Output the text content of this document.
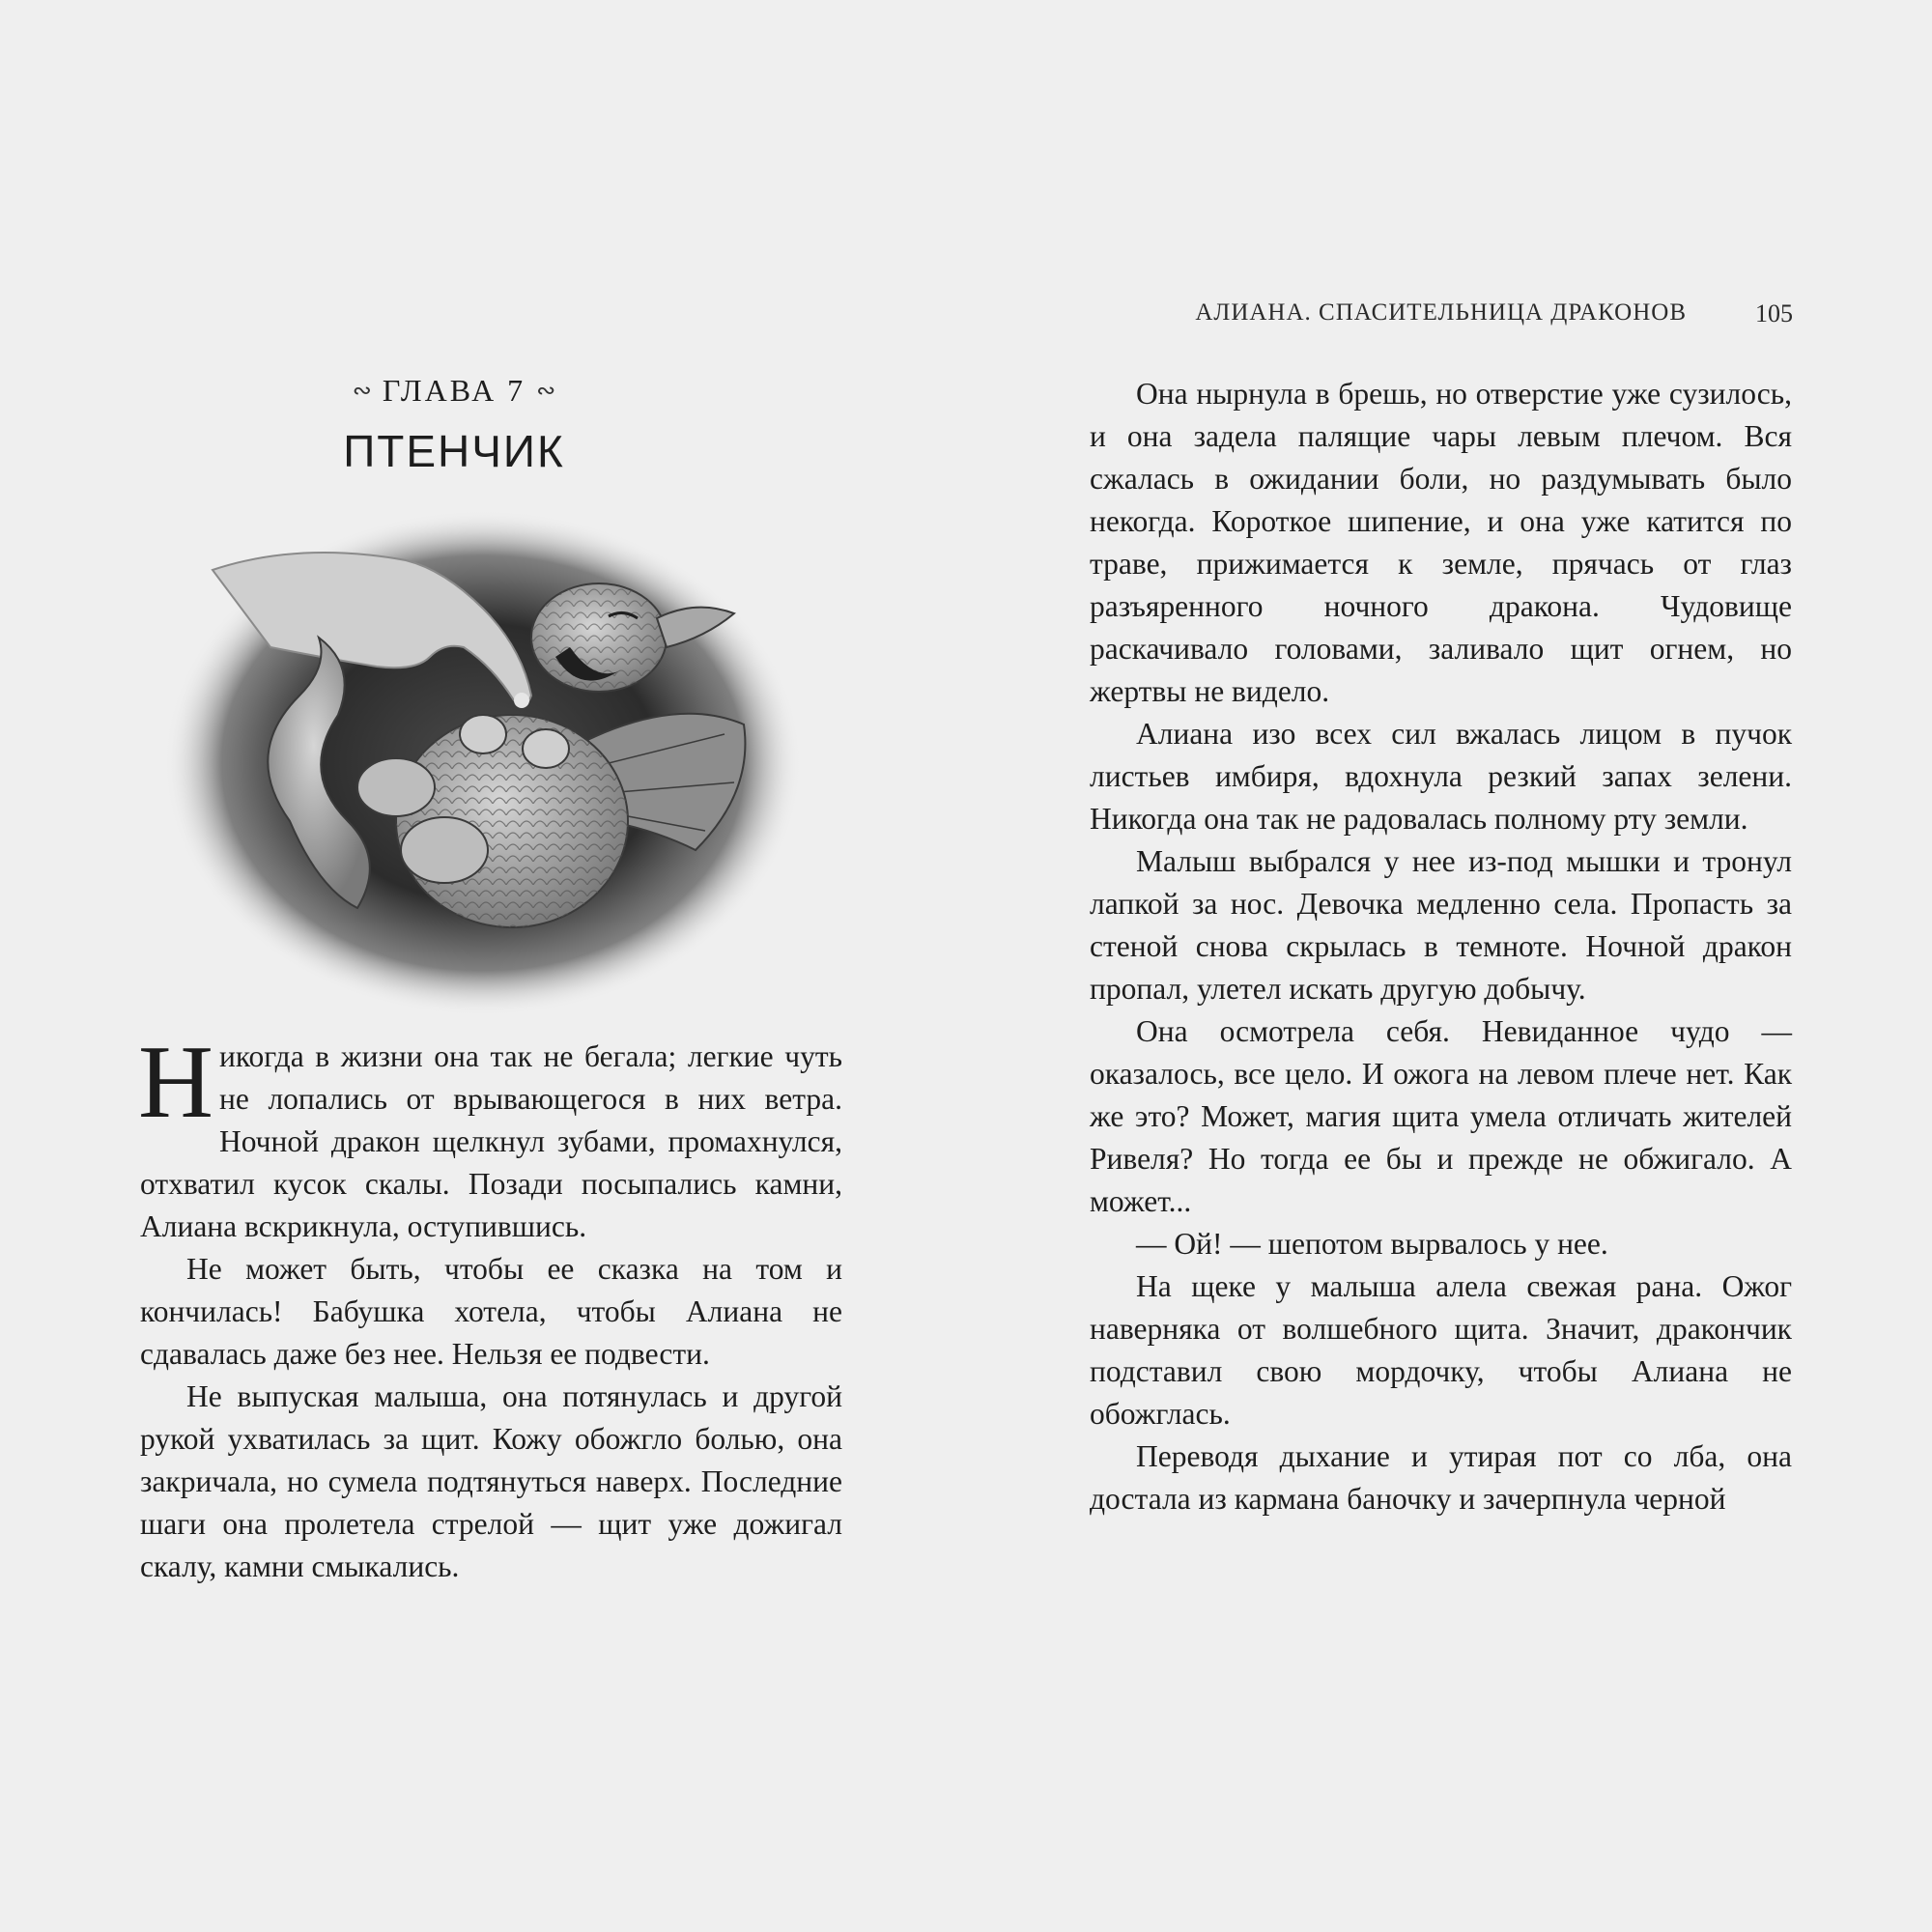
∾ ГЛАВА 7 ∾
ПТЕНЧИК

Никогда в жизни она так не бегала; легкие чуть не лопались от врывающегося в них ветра. Ночной дракон щелкнул зубами, промахнулся, отхватил кусок скалы. Позади посыпались камни, Алиана вскрикнула, оступившись.

Не может быть, чтобы ее сказка на том и кончилась! Бабушка хотела, чтобы Алиана не сдавалась даже без нее. Нельзя ее подвести.

Не выпуская малыша, она потянулась и другой рукой ухватилась за щит. Кожу обожгло болью, она закричала, но сумела подтянуться наверх. Последние шаги она пролетела стрелой — щит уже дожигал скалу, камни смыкались.

АЛИАНА. СПАСИТЕЛЬНИЦА ДРАКОНОВ	105

Она нырнула в брешь, но отверстие уже сузилось, и она задела палящие чары левым плечом. Вся сжалась в ожидании боли, но раздумывать было некогда. Короткое шипение, и она уже катится по траве, прижимается к земле, прячась от глаз разъяренного ночного дракона. Чудовище раскачивало головами, заливало щит огнем, но жертвы не видело.

Алиана изо всех сил вжалась лицом в пучок листьев имбиря, вдохнула резкий запах зелени. Никогда она так не радовалась полному рту земли.

Малыш выбрался у нее из-под мышки и тронул лапкой за нос. Девочка медленно села. Пропасть за стеной снова скрылась в темноте. Ночной дракон пропал, улетел искать другую добычу.

Она осмотрела себя. Невиданное чудо — оказалось, все цело. И ожога на левом плече нет. Как же это? Может, магия щита умела отличать жителей Ривеля? Но тогда ее бы и прежде не обжигало. А может...

— Ой! — шепотом вырвалось у нее.

На щеке у малыша алела свежая рана. Ожог наверняка от волшебного щита. Значит, дракончик подставил свою мордочку, чтобы Алиана не обожглась.

Переводя дыхание и утирая пот со лба, она достала из кармана баночку и зачерпнула черной
